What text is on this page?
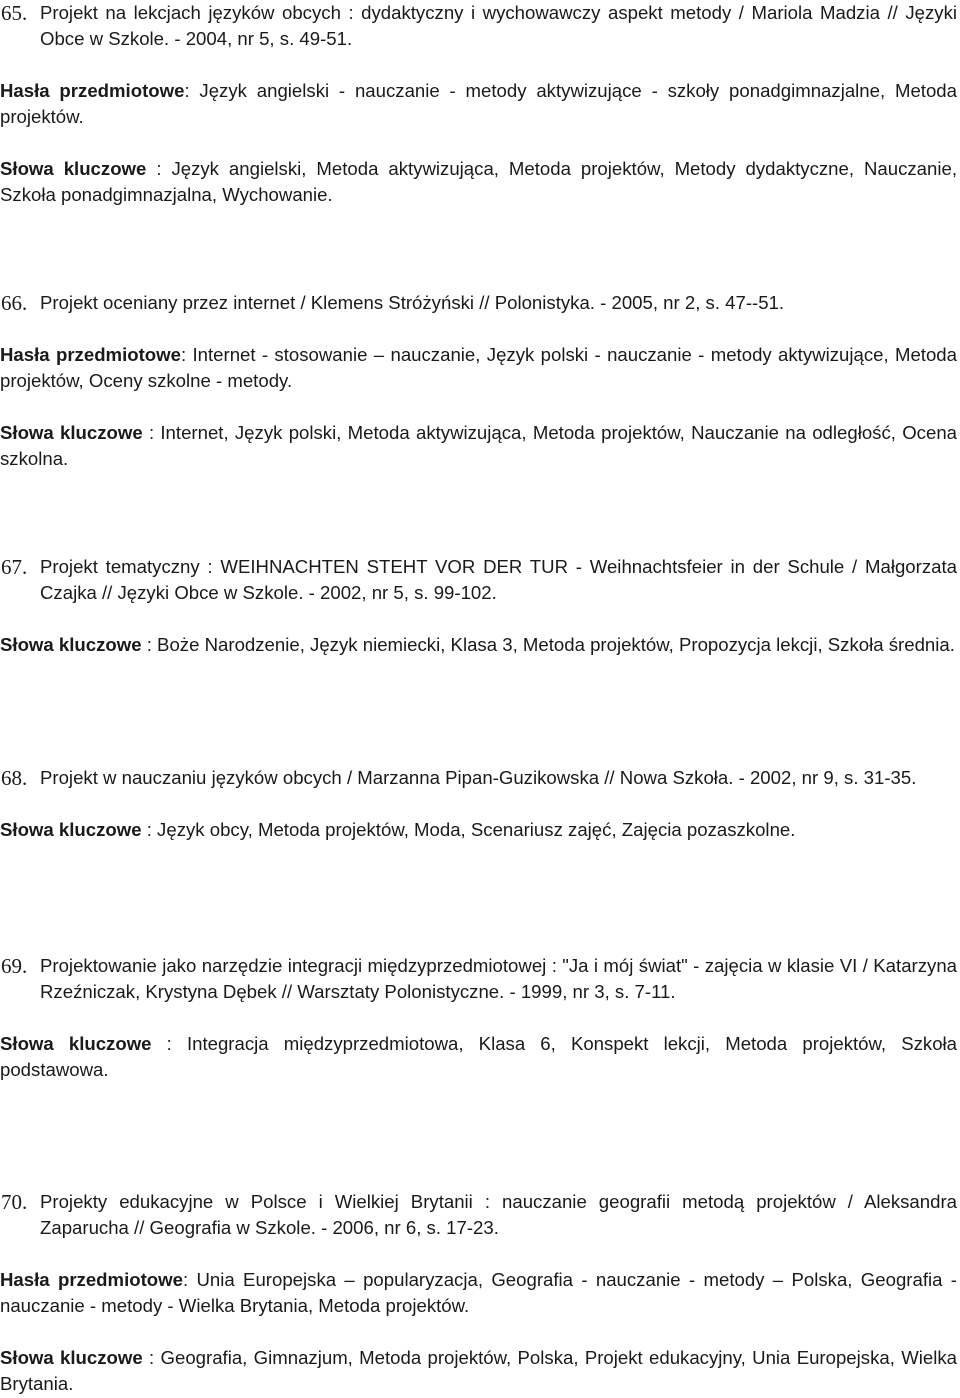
65. Projekt na lekcjach języków obcych : dydaktyczny i wychowawczy aspekt metody / Mariola Madzia // Języki Obce w Szkole. - 2004, nr 5, s. 49-51.

Hasła przedmiotowe: Język angielski - nauczanie - metody aktywizujące - szkoły ponadgimnazjalne, Metoda projektów.

Słowa kluczowe : Język angielski, Metoda aktywizująca, Metoda projektów, Metody dydaktyczne, Nauczanie, Szkoła ponadgimnazjalna, Wychowanie.

66. Projekt oceniany przez internet / Klemens Stróżyński // Polonistyka. - 2005, nr 2, s. 47--51.

Hasła przedmiotowe: Internet - stosowanie – nauczanie, Język polski - nauczanie - metody aktywizujące, Metoda projektów, Oceny szkolne - metody.

Słowa kluczowe : Internet, Język polski, Metoda aktywizująca, Metoda projektów, Nauczanie na odległość, Ocena szkolna.

67. Projekt tematyczny : WEIHNACHTEN STEHT VOR DER TUR - Weihnachtsfeier in der Schule / Małgorzata Czajka // Języki Obce w Szkole. - 2002, nr 5, s. 99-102.

Słowa kluczowe : Boże Narodzenie, Język niemiecki, Klasa 3, Metoda projektów, Propozycja lekcji, Szkoła średnia.

68. Projekt w nauczaniu języków obcych / Marzanna Pipan-Guzikowska // Nowa Szkoła. - 2002, nr 9, s. 31-35.

Słowa kluczowe : Język obcy, Metoda projektów, Moda, Scenariusz zajęć, Zajęcia pozaszkolne.

69. Projektowanie jako narzędzie integracji międzyprzedmiotowej : "Ja i mój świat" - zajęcia w klasie VI / Katarzyna Rzeźniczak, Krystyna Dębek // Warsztaty Polonistyczne. - 1999, nr 3, s. 7-11.

Słowa kluczowe : Integracja międzyprzedmiotowa, Klasa 6, Konspekt lekcji, Metoda projektów, Szkoła podstawowa.

70. Projekty edukacyjne w Polsce i Wielkiej Brytanii : nauczanie geografii metodą projektów / Aleksandra Zaparucha // Geografia w Szkole. - 2006, nr 6, s. 17-23.

Hasła przedmiotowe: Unia Europejska – popularyzacja, Geografia - nauczanie - metody – Polska, Geografia - nauczanie - metody - Wielka Brytania, Metoda projektów.

Słowa kluczowe : Geografia, Gimnazjum, Metoda projektów, Polska, Projekt edukacyjny, Unia Europejska, Wielka Brytania.
